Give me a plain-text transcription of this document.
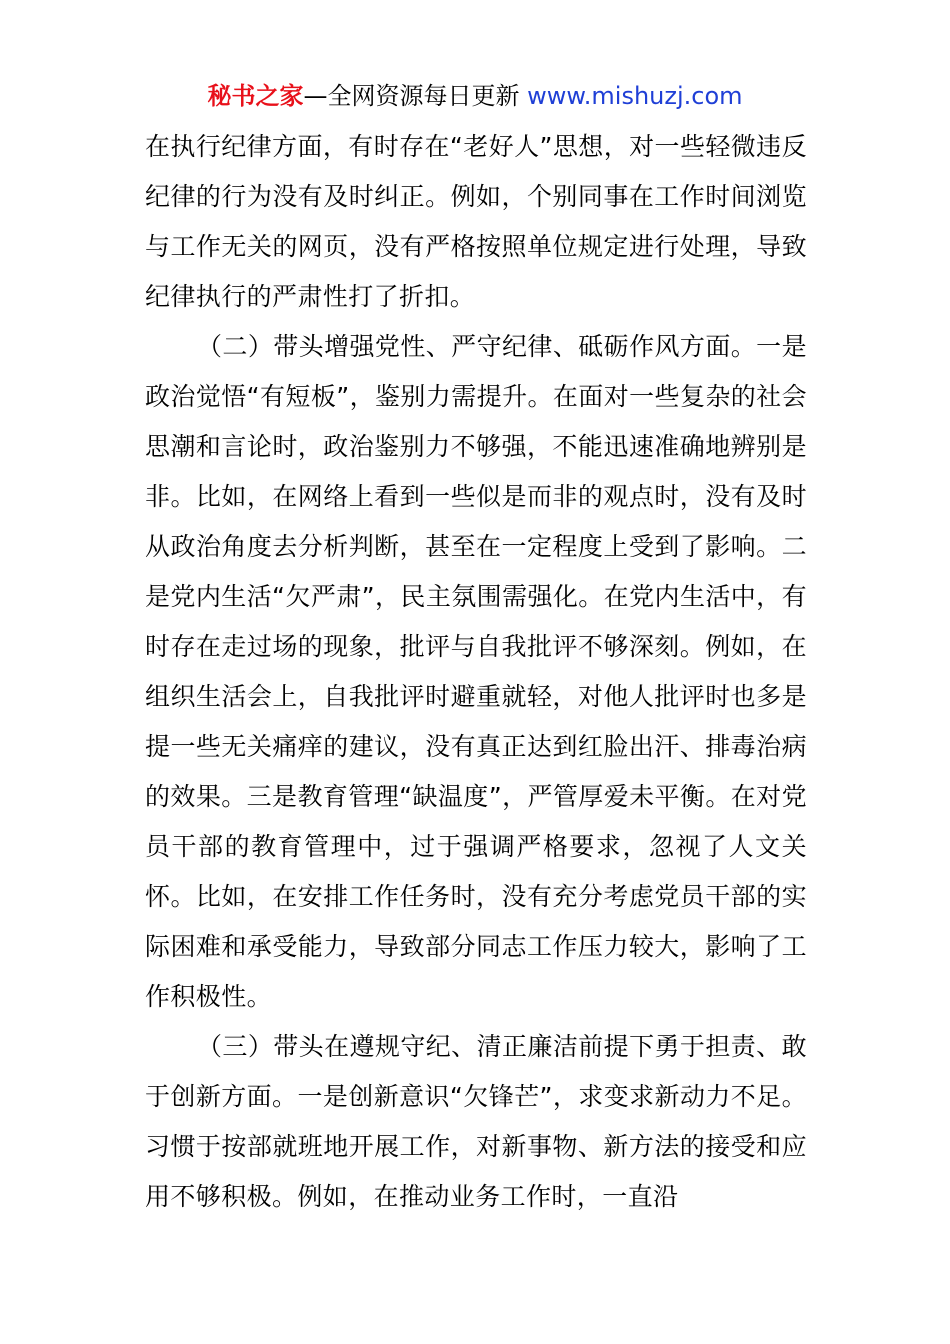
秘书之家—全网资源每日更新 www.mishuzj.com

在执行纪律方面，有时存在“老好人”思想，对一些轻微违反纪律的行为没有及时纠正。例如，个别同事在工作时间浏览与工作无关的网页，没有严格按照单位规定进行处理，导致纪律执行的严肃性打了折扣。

（二）带头增强党性、严守纪律、砥砺作风方面。一是政治觉悟“有短板”，鉴别力需提升。在面对一些复杂的社会思潮和言论时，政治鉴别力不够强，不能迅速准确地辨别是非。比如，在网络上看到一些似是而非的观点时，没有及时从政治角度去分析判断，甚至在一定程度上受到了影响。二是党内生活“欠严肃”，民主氛围需强化。在党内生活中，有时存在走过场的现象，批评与自我批评不够深刻。例如，在组织生活会上，自我批评时避重就轻，对他人批评时也多是提一些无关痛痒的建议，没有真正达到红脸出汗、排毒治病的效果。三是教育管理“缺温度”，严管厚爱未平衡。在对党员干部的教育管理中，过于强调严格要求，忽视了人文关怀。比如，在安排工作任务时，没有充分考虑党员干部的实际困难和承受能力，导致部分同志工作压力较大，影响了工作积极性。

（三）带头在遵规守纪、清正廉洁前提下勇于担责、敢于创新方面。一是创新意识“欠锋芒”，求变求新动力不足。习惯于按部就班地开展工作，对新事物、新方法的接受和应用不够积极。例如，在推动业务工作时，一直沿
